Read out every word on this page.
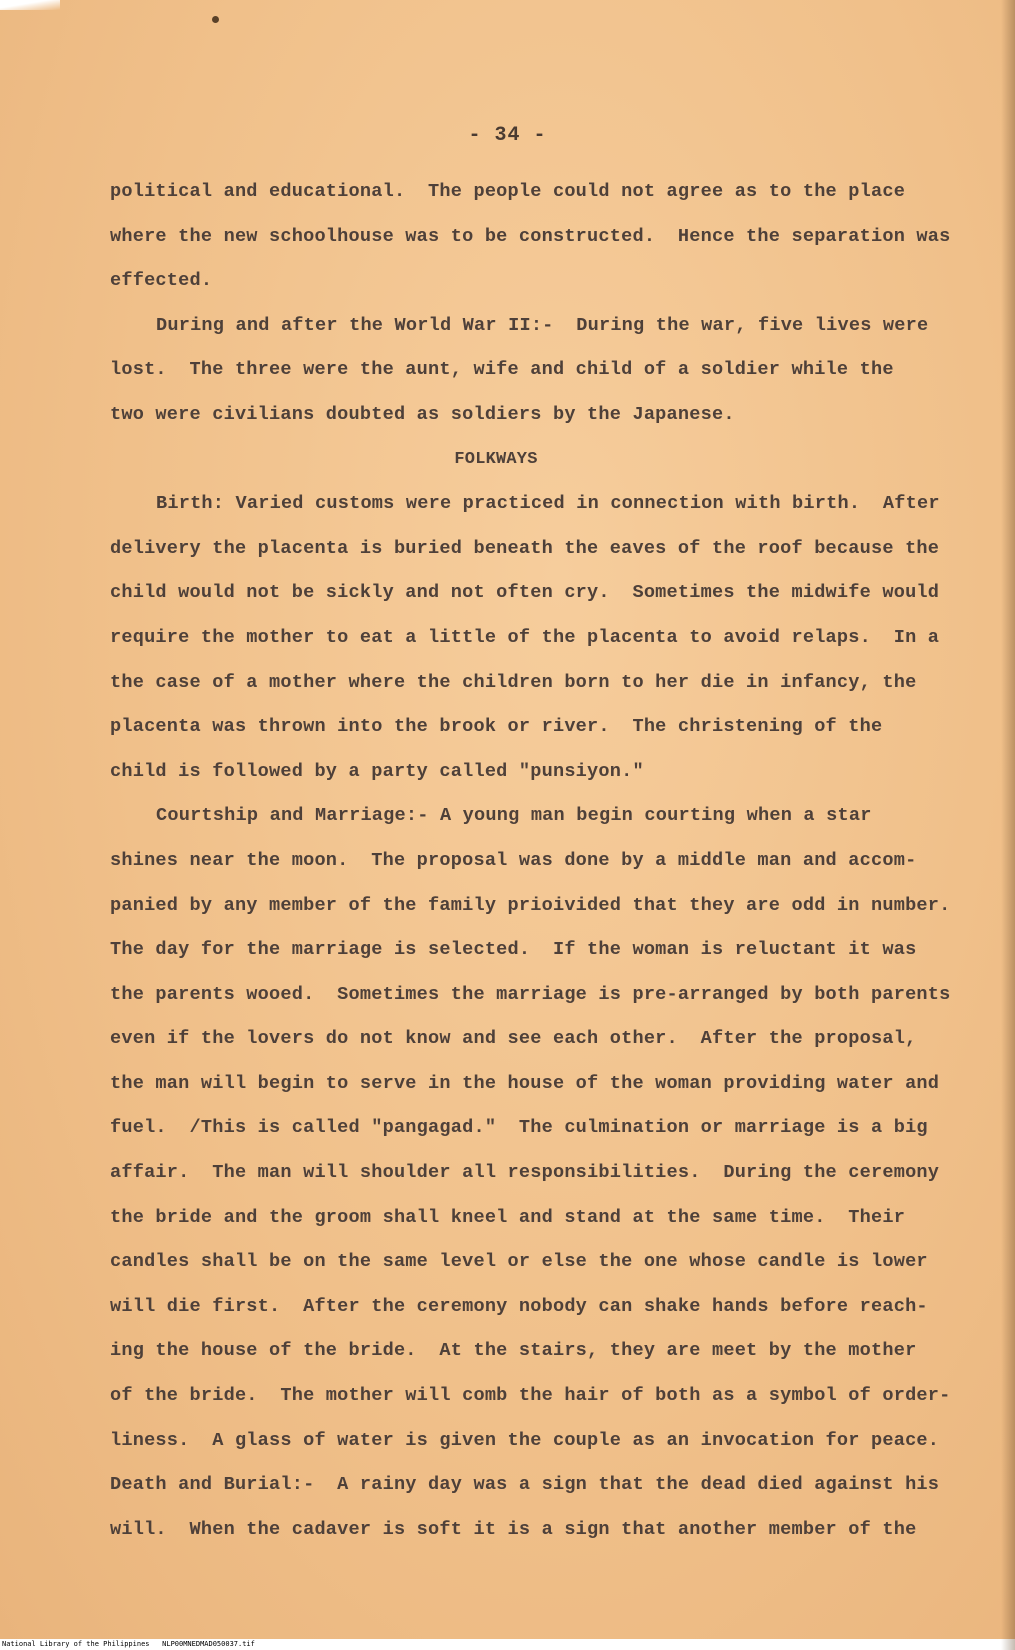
- 34 -
political and educational.  The people could not agree as to the place
where the new schoolhouse was to be constructed.  Hence the separation was
effected.
During and after the World War II:-  During the war, five lives were
lost.  The three were the aunt, wife and child of a soldier while the
two were civilians doubted as soldiers by the Japanese.
FOLKWAYS
Birth: Varied customs were practiced in connection with birth.  After
delivery the placenta is buried beneath the eaves of the roof because the
child would not be sickly and not often cry.  Sometimes the midwife would
require the mother to eat a little of the placenta to avoid relaps.  In a
the case of a mother where the children born to her die in infancy, the
placenta was thrown into the brook or river.  The christening of the
child is followed by a party called "punsiyon."
Courtship and Marriage:- A young man begin courting when a star
shines near the moon.  The proposal was done by a middle man and accom-
panied by any member of the family prioivided that they are odd in number.
The day for the marriage is selected.  If the woman is reluctant it was
the parents wooed.  Sometimes the marriage is pre-arranged by both parents
even if the lovers do not know and see each other.  After the proposal,
the man will begin to serve in the house of the woman providing water and
fuel.  /This is called "pangagad."  The culmination or marriage is a big
affair.  The man will shoulder all responsibilities.  During the ceremony
the bride and the groom shall kneel and stand at the same time.  Their
candles shall be on the same level or else the one whose candle is lower
will die first.  After the ceremony nobody can shake hands before reach-
ing the house of the bride.  At the stairs, they are meet by the mother
of the bride.  The mother will comb the hair of both as a symbol of order-
liness.  A glass of water is given the couple as an invocation for peace.
Death and Burial:-  A rainy day was a sign that the dead died against his
will.  When the cadaver is soft it is a sign that another member of the
National Library of the Philippines   NLP00MNEDMAD050037.tif
